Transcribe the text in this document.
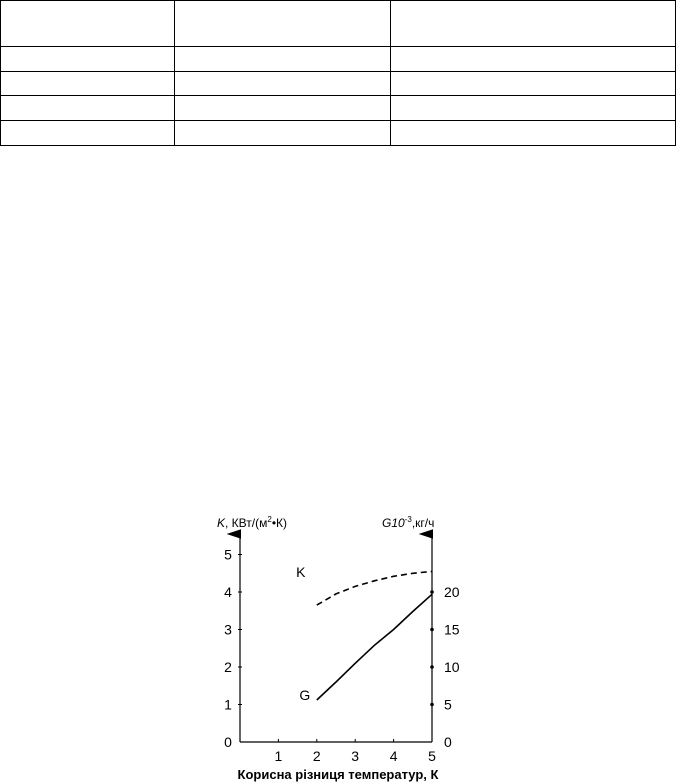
K, КВт/$(м^2•К)$	$G10^{-3},кг/ч$
Корисна різниця температур, К
0
1
2
3
4
5
0
5
10
15
20
1 2 3 4 5
K
G
